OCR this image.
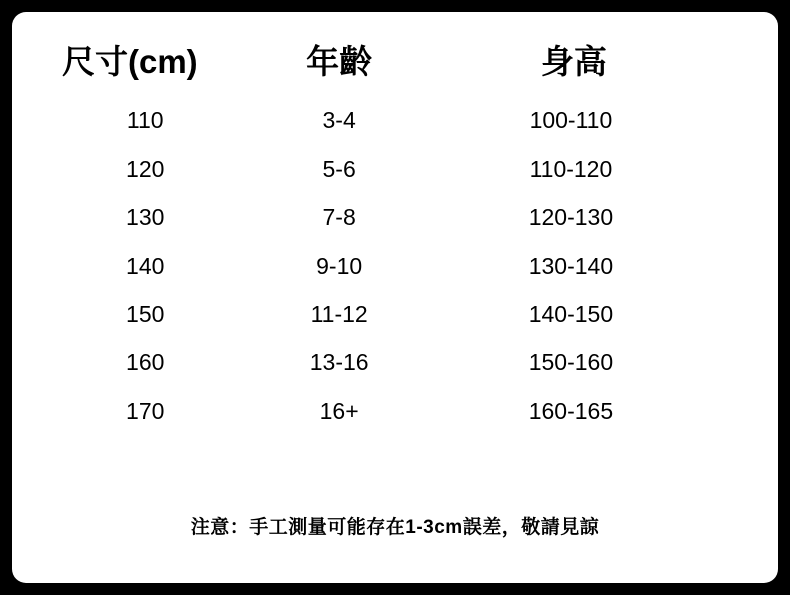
尺寸(cm)	年齡	身高
110	3-4	100-110
120	5-6	110-120
130	7-8	120-130
140	9-10	130-140
150	11-12	140-150
160	13-16	150-160
170	16+	160-165
注意：手工測量可能存在1-3cm誤差，敬請見諒
